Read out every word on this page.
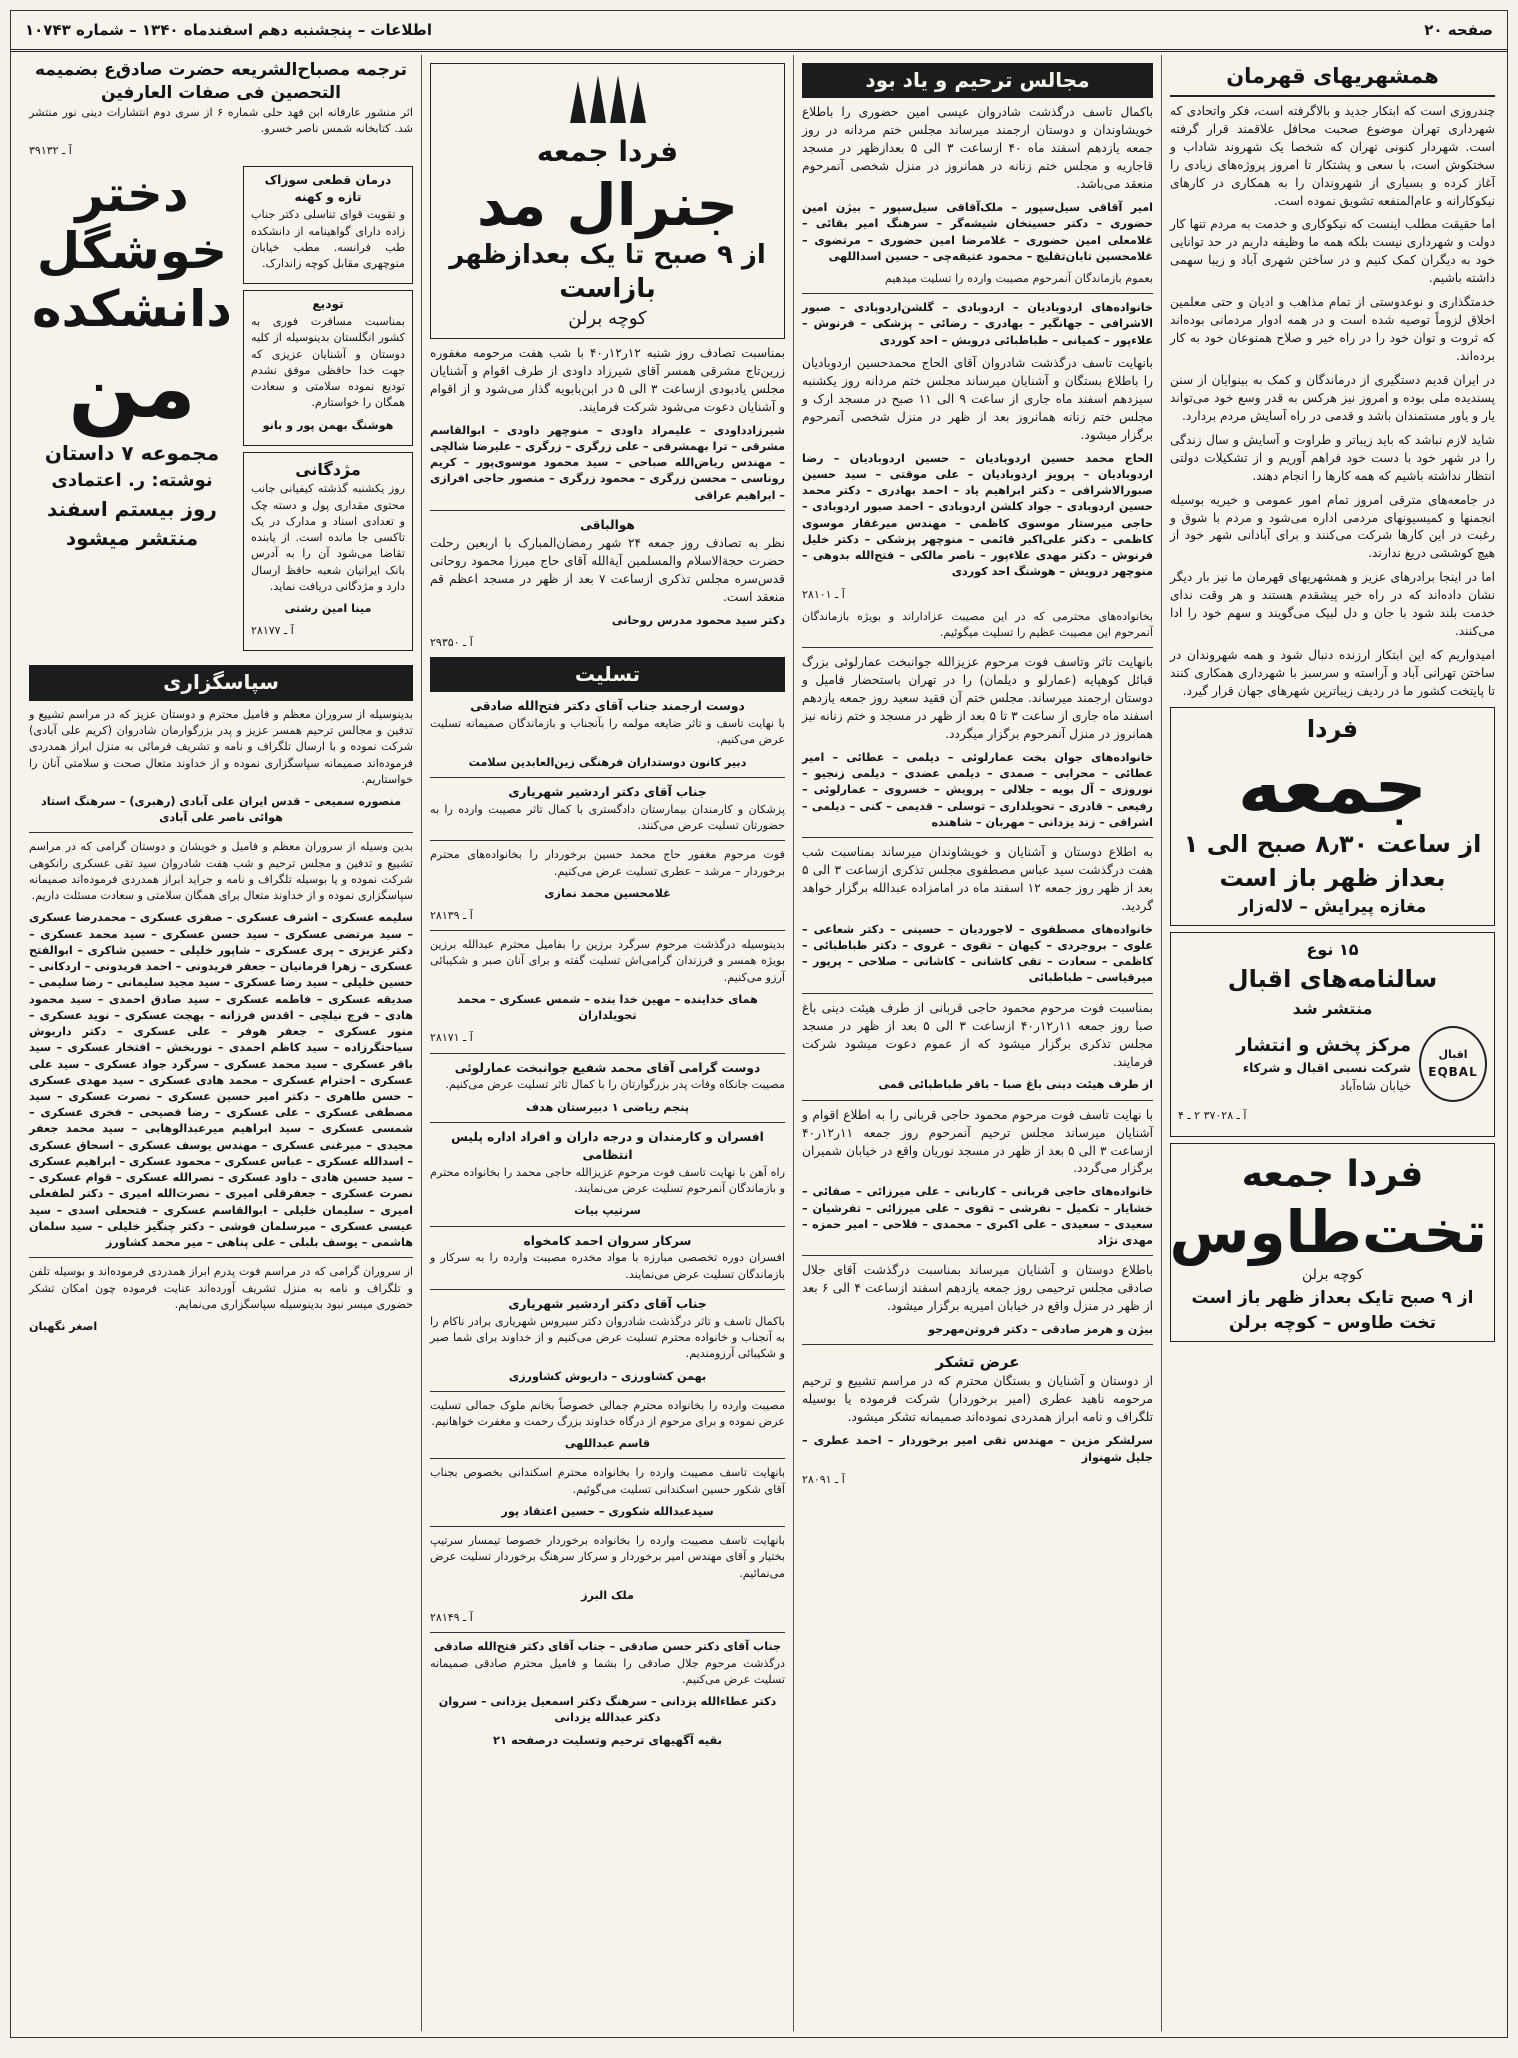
صفحه ۲۰
اطلاعات – پنجشنبه دهم اسفندماه ۱۳۴۰ – شماره ۱۰۷۴۳
همشهریهای قهرمان

چندروزی است که ابتکار جدید و بالاگرفته است، فکر واتحادی که شهرداری تهران موضوع صحبت محافل علاقمند قرار گرفته است. شهردار کنونی تهران که شخصا یک شهروند شاداب و سختکوش است، با سعی و پشتکار تا امروز پروژه‌های زیادی را آغاز کرده و بسیاری از شهروندان را به همکاری در کارهای نیکوکارانه و عام‌المنفعه تشویق نموده است.

اما حقیقت مطلب اینست که نیکوکاری و خدمت به مردم تنها کار دولت و شهرداری نیست بلکه همه ما وظیفه داریم در حد توانایی خود به دیگران کمک کنیم و در ساختن شهری آباد و زیبا سهمی داشته باشیم.

خدمتگذاری و نوعدوستی از تمام مذاهب و ادیان و حتی معلمین اخلاق لزوماً توصیه شده است و در همه ادوار مردمانی بوده‌اند که ثروت و توان خود را در راه خیر و صلاح همنوعان خود به کار برده‌اند.

در ایران قدیم دستگیری از درماندگان و کمک به بینوایان از سنن پسندیده ملی بوده و امروز نیز هرکس به قدر وسع خود می‌تواند یار و یاور مستمندان باشد و قدمی در راه آسایش مردم بردارد.

شاید لازم نباشد که باید زیباتر و طراوت و آسایش و سال زندگی را در شهر خود با دست خود فراهم آوریم و از تشکیلات دولتی انتظار نداشته باشیم که همه کارها را انجام دهند.

در جامعه‌های مترقی امروز تمام امور عمومی و خیریه بوسیله انجمنها و کمیسیونهای مردمی اداره می‌شود و مردم با شوق و رغبت در این کارها شرکت می‌کنند و برای آبادانی شهر خود از هیچ کوششی دریغ ندارند.

اما در اینجا برادرهای عزیز و همشهریهای قهرمان ما نیز بار دیگر نشان داده‌اند که در راه خیر پیشقدم هستند و هر وقت ندای خدمت بلند شود با جان و دل لبیک می‌گویند و سهم خود را ادا می‌کنند.

امیدواریم که این ابتکار ارزنده دنبال شود و همه شهروندان در ساختن تهرانی آباد و آراسته و سرسبز با شهرداری همکاری کنند تا پایتخت کشور ما در ردیف زیباترین شهرهای جهان قرار گیرد.

فردا
جمعه
از ساعت ۸٫۳۰ صبح الی ۱
بعداز ظهر باز است
مغازه پیرایش – لاله‌زار
۱۵ نوع
سالنامه‌های اقبال
منتشر شد
اقبال
EQBAL
مرکز پخش و انتشار
شرکت نسبی اقبال و شرکاء
خیابان شاه‌آباد
آ ـ ۳۷۰۲۸ ۲ ـ ۴
فردا جمعه
تخت‌طاوس
کوچه برلن
از ۹ صبح تایک بعداز ظهر باز است
تخت طاوس – کوچه برلن
مجالس ترحیم و یاد بود

باکمال تاسف درگذشت شادروان عیسی امین حضوری را باطلاع خویشاوندان و دوستان ارجمند میرساند مجلس ختم مردانه در روز جمعه یازدهم اسفند ماه ۴۰ ازساعت ۳ الی ۵ بعدازظهر در مسجد قاجاریه و مجلس ختم زنانه در همانروز در منزل شخصی آنمرحوم منعقد می‌باشد.

امیر آقاقی سیل‌سپور – ملک‌آقاقی سیل‌سپور – بیژن امین حضوری – دکتر حسینخان شیشه‌گر – سرهنگ امیر بقائی – غلامعلی امین حضوری – غلامرضا امین حضوری – مرتضوی – غلامحسین تابان‌تقلیچ – محمود عتیقه‌چی – حسین اسداللهی

بعموم بازماندگان آنمرحوم مصیبت وارده را تسلیت میدهیم

خانواده‌های اردوبادیان – اردوبادی – گلشن‌اردوبادی – صبور الاشرافی – جهانگیر – بهادری – رضائی – پزشکی – فرنوش – علاءپور – کمیانی – طباطبائی دروبش – احد کوردی

بانهایت تاسف درگذشت شادروان آقای الحاج محمدحسین اردوبادیان را باطلاع بستگان و آشنایان میرساند مجلس ختم مردانه روز یکشنبه سیزدهم اسفند ماه جاری از ساعت ۹ الی ۱۱ صبح در مسجد ارک و مجلس ختم زنانه همانروز بعد از ظهر در منزل شخصی آنمرحوم برگزار میشود.

الحاج محمد حسین اردوبادیان – حسین اردوبادیان – رضا اردوبادیان – پرویز اردوبادیان – علی موقتی – سید حسین صبورالاشرافی – دکتر ابراهیم یاد – احمد بهادری – دکتر محمد حسین اردوبادی – جواد کلشن اردوبادی – احمد صبور اردوبادی – حاجی میرستار موسوی کاظمی – مهندس میرغفار موسوی کاظمی – دکتر علی‌اکبر قائمی – منوچهر پزشکی – دکتر خلیل فرنوش – دکتر مهدی علاءپور – ناصر مالکی – فتح‌الله بدوهی – منوچهر درویش – هوشنگ احد کوردی

آ ـ ۲۸۱۰۱

بخانواده‌های محترمی که در این مصیبت عزاداراند و بویژه بازماندگان آنمرحوم این مصیبت عظیم را تسلیت میگوئیم.

بانهایت تاثر وتاسف فوت مرحوم عزیزالله جوانبخت عمارلوئی بزرگ قبائل کوهپایه (عمارلو و دیلمان) را در تهران باستحضار فامیل و دوستان ارجمند میرساند. مجلس ختم آن فقید سعید روز جمعه یازدهم اسفند ماه جاری از ساعت ۳ تا ۵ بعد از ظهر در مسجد و ختم زنانه نیز همانروز در منزل آنمرحوم برگزار میگردد.

خانواده‌های جوان بخت عمارلوئی – دیلمی – عطائی – امیر عطائی – محرابی – صمدی – دیلمی عضدی – دیلمی زنجیو – نوروزی – آل بویه – جلالی – پرویش – خسروی – عمارلوئی – رفیعی – قادری – تحویلداری – توسلی – قدیمی – کنی – دیلمی – اشرافی – زند یزدانی – مهربان – شاهنده

به اطلاع دوستان و آشنایان و خویشاوندان میرساند بمناسبت شب هفت درگذشت سید عباس مصطفوی مجلس تذکری ازساعت ۳ الی ۵ بعد از ظهر روز جمعه ۱۲ اسفند ماه در امامزاده عبدالله برگزار خواهد گردید.

خانواده‌های مصطفوی – لاجوردیان – حسینی – دکتر شعاعی – علوی – بروجردی – کیهان – تقوی – غروی – دکتر طباطبائی – کاظمی – سعادت – تقی کاشانی – کاشانی – صلاحی – پرپور – میرقیاسی – طباطبائی

بمناسبت فوت مرحوم محمود حاجی قربانی از طرف هیئت دینی باغ صبا روز جمعه ۱۱ر۱۲ر۴۰ ازساعت ۳ الی ۵ بعد از ظهر در مسجد مجلس تذکری برگزار میشود که از عموم دعوت میشود شرکت فرمایند.

از طرف هیئت دینی باغ صبا – باقر طباطبائی قمی

با نهایت تاسف فوت مرحوم محمود حاجی قربانی را به اطلاع اقوام و آشنایان میرساند مجلس ترحیم آنمرحوم روز جمعه ۱۱ر۱۲ر۴۰ ازساعت ۳ الی ۵ بعد از ظهر در مسجد نوریان واقع در خیابان شمیران برگزار می‌گردد.

خانواده‌های حاجی قربانی – کاربانی – علی میرزائی – صفائی – خشایار – تکمیل – نفرشی – تقوی – علی میرزائی – تفرشیان – سعیدی – سعیدی – علی اکبری – محمدی – فلاحی – امیر حمزه – مهدی نژاد

باطلاع دوستان و آشنایان میرساند بمناسبت درگذشت آقای جلال صادقی مجلس ترحیمی روز جمعه یازدهم اسفند ازساعت ۴ الی ۶ بعد از ظهر در منزل واقع در خیابان امیریه برگزار میشود.

بیژن و هرمز صادقی – دکتر فروتن‌مهرجو

عرض تشکر

از دوستان و آشنایان و بستگان محترم که در مراسم تشییع و ترحیم مرحومه ناهید عطری (امیر برخوردار) شرکت فرموده یا بوسیله تلگراف و نامه ابراز همدردی نموده‌اند صمیمانه تشکر میشود.

سرلشکر مزین – مهندس تقی امیر برخوردار – احمد عطری – جلیل شهنواز

آ ـ ۲۸۰۹۱
فردا جمعه
جنرال مد
از ۹ صبح تا یک بعدازظهر بازاست
کوچه برلن

بمناسبت تصادف روز شنبه ۱۲ر۱۲ر۴۰ با شب هفت مرحومه مغفوره زرین‌تاج مشرقی همسر آقای شیرزاد داودی از طرف اقوام و آشنایان مجلس یادبودی ازساعت ۳ الی ۵ در ابن‌بابویه گذار می‌شود و از اقوام و آشنایان دعوت می‌شود شرکت فرمایند.

شیرزادداودی – علیمراد داودی – منوچهر داودی – ابوالقاسم مشرقی – ترا بهمشرقی – علی زرگری – زرگری – علیرضا شالچی – مهندس ریاض‌الله صباحی – سید محمود موسوی‌پور – کریم روناسی – محسن زرگری – محمود زرگری – منصور حاجی افرازی – ابراهیم عراقی

هوالباقی

نظر به تصادف روز جمعه ۲۴ شهر رمضان‌المبارک با اربعین رحلت حضرت حجةالاسلام والمسلمین آیةالله آقای حاج میرزا محمود روحانی قدس‌سره مجلس تذکری ازساعت ۷ بعد از ظهر در مسجد اعظم قم منعقد است.

دکتر سید محمود مدرس روحانی

آ ـ ۲۹۳۵۰
تسلیت
دوست ارجمند جناب آقای دکتر فتح‌الله صادقی

با نهایت تاسف و تاثر ضایعه مولمه را بآنجناب و بازماندگان صمیمانه تسلیت عرض می‌کنیم.

دبیر کانون دوستداران فرهنگی زین‌العابدین سلامت

جناب آقای دکتر اردشیر شهریاری

پزشکان و کارمندان بیمارستان دادگستری با کمال تاثر مصیبت وارده را به حضورتان تسلیت عرض می‌کنند.

فوت مرحوم مغفور حاج محمد حسین برخوردار را بخانواده‌های محترم برخوردار – مرشد – عطری تسلیت عرض می‌کنیم.

غلامحسین محمد نمازی

آ ـ ۲۸۱۳۹

بدینوسیله درگذشت مرحوم سرگرد برزین را بفامیل محترم عبدالله برزین بویژه همسر و فرزندان گرامی‌اش تسلیت گفته و برای آنان صبر و شکیبائی آرزو می‌کنیم.

همای خداینده – مهین خدا بنده – شمس عسکری – محمد تحویلداران

آ ـ ۲۸۱۷۱
دوست گرامی آقای محمد شفیع جوانبخت عمارلوئی

مصیبت جانکاه وفات پدر بزرگوارتان را با کمال تاثر تسلیت عرض می‌کنیم.

پنجم ریاضی ۱ دبیرستان هدف

افسران و کارمندان و درجه داران و افراد اداره پلیس انتظامی

راه آهن با نهایت تاسف فوت مرحوم عزیزالله حاجی محمد را بخانواده محترم و بازماندگان آنمرحوم تسلیت عرض می‌نمایند.

سرتیپ بیات

سرکار سروان احمد کامخواه

افسران دوره تخصصی مبارزه با مواد مخدره مصیبت وارده را به سرکار و بازماندگان تسلیت عرض می‌نمایند.

جناب آقای دکتر اردشیر شهریاری

باکمال تاسف و تاثر درگذشت شادروان دکتر سیروس شهریاری برادر ناکام را به آنجناب و خانواده محترم تسلیت عرض می‌کنیم و از خداوند برای شما صبر و شکیبائی آرزومندیم.

بهمن کشاورزی – داریوش کشاورزی

مصیبت وارده را بخانواده محترم جمالی خصوصاً بخانم ملوک جمالی تسلیت عرض نموده و برای مرحوم از درگاه خداوند بزرگ رحمت و مغفرت خواهانیم.

قاسم عبداللهی

بانهایت تاسف مصیبت وارده را بخانواده محترم اسکندانی بخصوص بجناب آقای شکور حسین اسکندانی تسلیت می‌گوئیم.

سیدعبدالله شکوری – حسین اعتقاد پور

بانهایت تاسف مصیبت وارده را بخانواده برخوردار خصوصا تیمسار سرتیپ بختیار و آقای مهندس امیر برخوردار و سرکار سرهنگ برخوردار تسلیت عرض می‌نمائیم.

ملک البرز

آ ـ ۲۸۱۴۹
جناب آقای دکتر حسن صادقی – جناب آقای دکتر فتح‌الله صادقی

درگذشت مرحوم جلال صادقی را بشما و فامیل محترم صادقی صمیمانه تسلیت عرض می‌کنیم.

دکتر عطاءالله یزدانی – سرهنگ دکتر اسمعیل یزدانی – سروان دکتر عبدالله یزدانی

بقیه آگهیهای ترحیم وتسلیت درصفحه ۲۱
ترجمه مصباح‌الشریعه حضرت صادق‌ع بضمیمه التحصین فی صفات العارفین

اثر منشور عارفانه ابن فهد حلی شماره ۶ از سری دوم انتشارات دینی نور منتشر شد. کتابخانه شمس ناصر خسرو.

آ ـ ۳۹۱۳۲
درمان قطعی سوزاک تازه و کهنه

و تقویت قوای تناسلی دکتر جناب زاده دارای گواهینامه از دانشکده طب فرانسه. مطب خیابان منوچهری مقابل کوچه زاندارک.

تودیع

بمناسبت مسافرت فوری به کشور انگلستان بدینوسیله از کلیه دوستان و آشنایان عزیزی که جهت خدا حافظی موفق نشدم تودیع نموده سلامتی و سعادت همگان را خواستارم.

هوشنگ بهمن پور و بانو

مژدگانی

روز یکشنبه گذشته کیفیانی جانب محتوی مقداری پول و دسته چک و تعدادی اسناد و مدارک در یک تاکسی جا مانده است. از یابنده تقاضا می‌شود آن را به آدرس بانک ایرانیان شعبه حافظ ارسال دارد و مژدگانی دریافت نماید.

مینا امین رشتی

آ ـ ۲۸۱۷۷
دختر خوشگل دانشکده
من
مجموعه ۷ داستان
نوشته: ر. اعتمادی
روز بیستم اسفند
منتشر میشود
سپاسگزاری

بدینوسیله از سروران معظم و فامیل محترم و دوستان عزیز که در مراسم تشییع و تدفین و مجالس ترحیم همسر عزیز و پدر بزرگوارمان شادروان (کریم علی آبادی) شرکت نموده و با ارسال تلگراف و نامه و تشریف فرمائی به منزل ابراز همدردی فرموده‌اند صمیمانه سپاسگزاری نموده و از خداوند متعال صحت و سلامتی آنان را خواستاریم.

منصوره سمیعی – قدس ایران علی آبادی (رهبری) – سرهنگ استاد هوائی ناصر علی آبادی

بدین وسیله از سروران معظم و فامیل و خویشان و دوستان گرامی که در مراسم تشییع و تدفین و مجلس ترحیم و شب هفت شادروان سید تقی عسکری رانکوهی شرکت نموده و یا بوسیله تلگراف و نامه و جراید ابراز همدردی فرموده‌اند صمیمانه سپاسگزاری نموده و از خداوند متعال برای همگان سلامتی و سعادت مسئلت داریم.

سلیمه عسکری – اشرف عسکری – صفری عسکری – محمدرضا عسکری – سید مرتضی عسکری – سید حسن عسکری – سید محمد عسکری – دکتر عزیزی – پری عسکری – شاپور خلیلی – حسین شاکری – ابوالفتح عسکری – زهرا فرمانیان – جعفر فریدونی – احمد فریدونی – اردکانی – حسین‌ خلیلی – سید رضا عسکری – سید مجید سلیمانی – رضا سلیمی – صدیقه عسکری – فاطمه عسکری – سید صادق احمدی – سید محمود هادی – فرج نیلچی – اقدس فرزانه – بهجت عسکری – نوید عسکری – منور عسکری – جعفر هوفر – علی عسکری – دکتر داریوش سیاحتگرزاده – سید کاظم احمدی – نوربخش – افتخار عسکری – سید باقر عسکری – سید محمد عسکری – سرگرد جواد عسکری – سید علی عسکری – احترام عسکری – محمد هادی عسکری – سید مهدی عسکری – حسن طاهری – دکتر امیر حسین عسکری – نصرت عسکری – سید مصطفی عسکری – علی عسکری – رضا فصیحی – فخری عسکری – شمسی عسکری – سید ابراهیم میرعبدالوهابی – سید محمد جعفر مجیدی – میرغنی عسکری – مهندس یوسف عسکری – اسحاق عسکری – اسدالله عسکری – عباس عسکری – محمود عسکری – ابراهیم عسکری – سید حسین هادی – داود عسکری – نصرالله عسکری – قوام عسکری – نصرت عسکری – جعفرقلی امیری – نصرت‌الله امیری – دکتر لطفعلی امیری – سلیمان خلیلی – ابوالقاسم عسکری – فتحعلی اسدی – سید عیسی عسکری – میرسلمان فوشی – دکتر چنگیز خلیلی – سید سلمان هاشمی – یوسف بلبلی – علی پناهی – میر محمد کشاورز

از سروران گرامی که در مراسم فوت پدرم ابراز همدردی فرموده‌اند و بوسیله تلفن و تلگراف و نامه به منزل تشریف آورده‌اند عنایت فرموده چون امکان تشکر حضوری میسر نبود بدینوسیله سپاسگزاری می‌نمایم.

اصغر نگهبان
